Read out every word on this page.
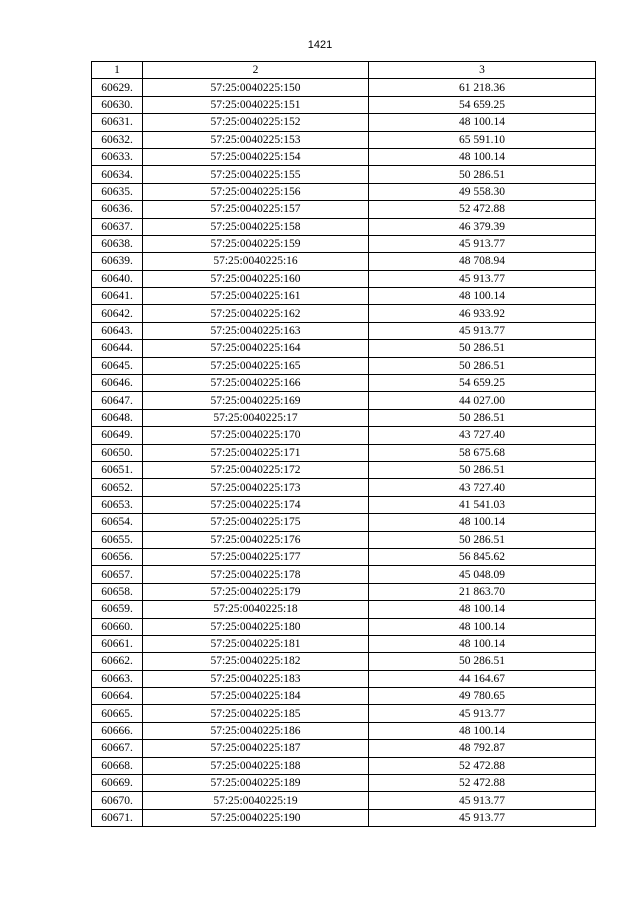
1421
1	2	3
60629.	57:25:0040225:150	61 218.36
60630.	57:25:0040225:151	54 659.25
60631.	57:25:0040225:152	48 100.14
60632.	57:25:0040225:153	65 591.10
60633.	57:25:0040225:154	48 100.14
60634.	57:25:0040225:155	50 286.51
60635.	57:25:0040225:156	49 558.30
60636.	57:25:0040225:157	52 472.88
60637.	57:25:0040225:158	46 379.39
60638.	57:25:0040225:159	45 913.77
60639.	57:25:0040225:16	48 708.94
60640.	57:25:0040225:160	45 913.77
60641.	57:25:0040225:161	48 100.14
60642.	57:25:0040225:162	46 933.92
60643.	57:25:0040225:163	45 913.77
60644.	57:25:0040225:164	50 286.51
60645.	57:25:0040225:165	50 286.51
60646.	57:25:0040225:166	54 659.25
60647.	57:25:0040225:169	44 027.00
60648.	57:25:0040225:17	50 286.51
60649.	57:25:0040225:170	43 727.40
60650.	57:25:0040225:171	58 675.68
60651.	57:25:0040225:172	50 286.51
60652.	57:25:0040225:173	43 727.40
60653.	57:25:0040225:174	41 541.03
60654.	57:25:0040225:175	48 100.14
60655.	57:25:0040225:176	50 286.51
60656.	57:25:0040225:177	56 845.62
60657.	57:25:0040225:178	45 048.09
60658.	57:25:0040225:179	21 863.70
60659.	57:25:0040225:18	48 100.14
60660.	57:25:0040225:180	48 100.14
60661.	57:25:0040225:181	48 100.14
60662.	57:25:0040225:182	50 286.51
60663.	57:25:0040225:183	44 164.67
60664.	57:25:0040225:184	49 780.65
60665.	57:25:0040225:185	45 913.77
60666.	57:25:0040225:186	48 100.14
60667.	57:25:0040225:187	48 792.87
60668.	57:25:0040225:188	52 472.88
60669.	57:25:0040225:189	52 472.88
60670.	57:25:0040225:19	45 913.77
60671.	57:25:0040225:190	45 913.77
